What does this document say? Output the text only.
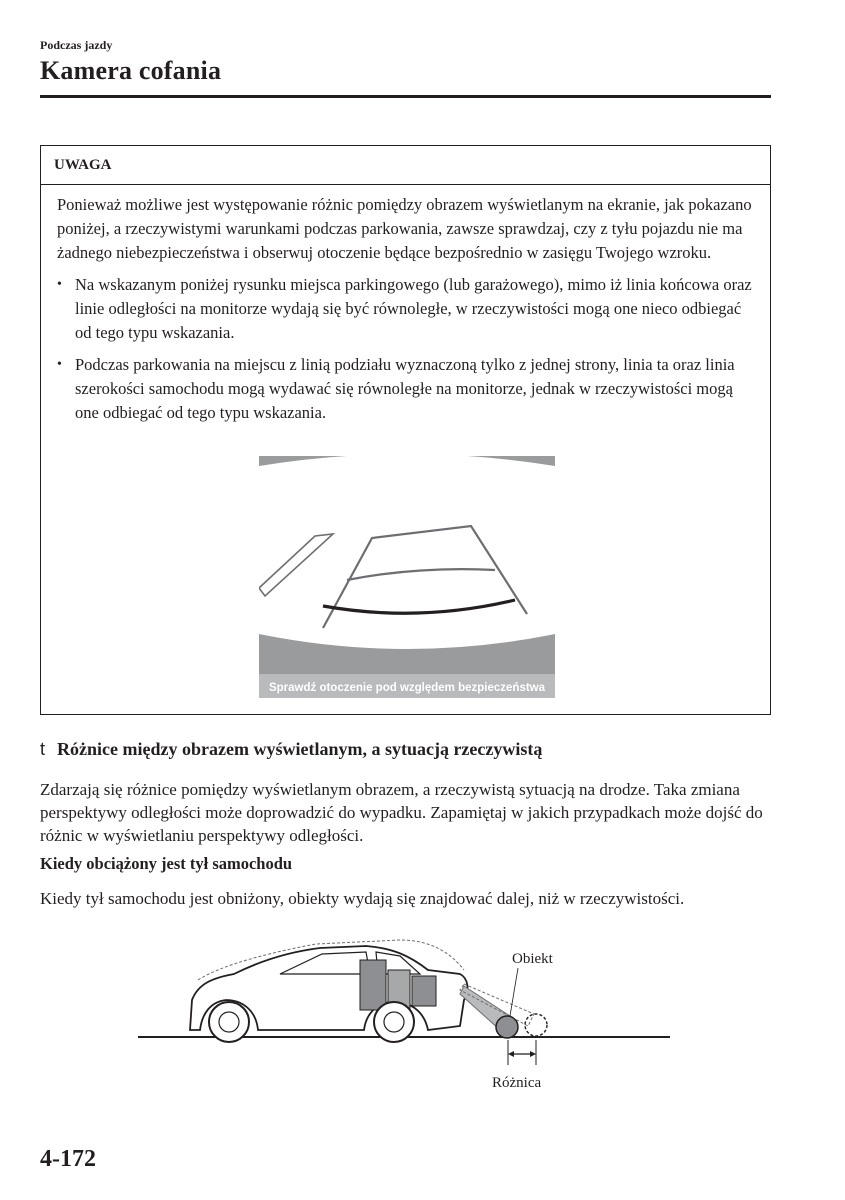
Podczas jazdy
Kamera cofania
UWAGA

Ponieważ możliwe jest występowanie różnic pomiędzy obrazem wyświetlanym na ekranie, jak pokazano poniżej, a rzeczywistymi warunkami podczas parkowania, zawsze sprawdzaj, czy z tyłu pojazdu nie ma żadnego niebezpieczeństwa i obserwuj otoczenie będące bezpośrednio w zasięgu Twojego wzroku.

• Na wskazanym poniżej rysunku miejsca parkingowego (lub garażowego), mimo iż linia końcowa oraz linie odległości na monitorze wydają się być równoległe, w rzeczywistości mogą one nieco odbiegać od tego typu wskazania.
• Podczas parkowania na miejscu z linią podziału wyznaczoną tylko z jednej strony, linia ta oraz linia szerokości samochodu mogą wydawać się równoległe na monitorze, jednak w rzeczywistości mogą one odbiegać od tego typu wskazania.
Sprawdź otoczenie pod względem bezpieczeństwa
t Różnice między obrazem wyświetlanym, a sytuacją rzeczywistą

Zdarzają się różnice pomiędzy wyświetlanym obrazem, a rzeczywistą sytuacją na drodze. Taka zmiana perspektywy odległości może doprowadzić do wypadku. Zapamiętaj w jakich przypadkach może dojść do różnic w wyświetlaniu perspektywy odległości.

Kiedy obciążony jest tył samochodu

Kiedy tył samochodu jest obniżony, obiekty wydają się znajdować dalej, niż w rzeczywistości.

Obiekt
Różnica
4-172
